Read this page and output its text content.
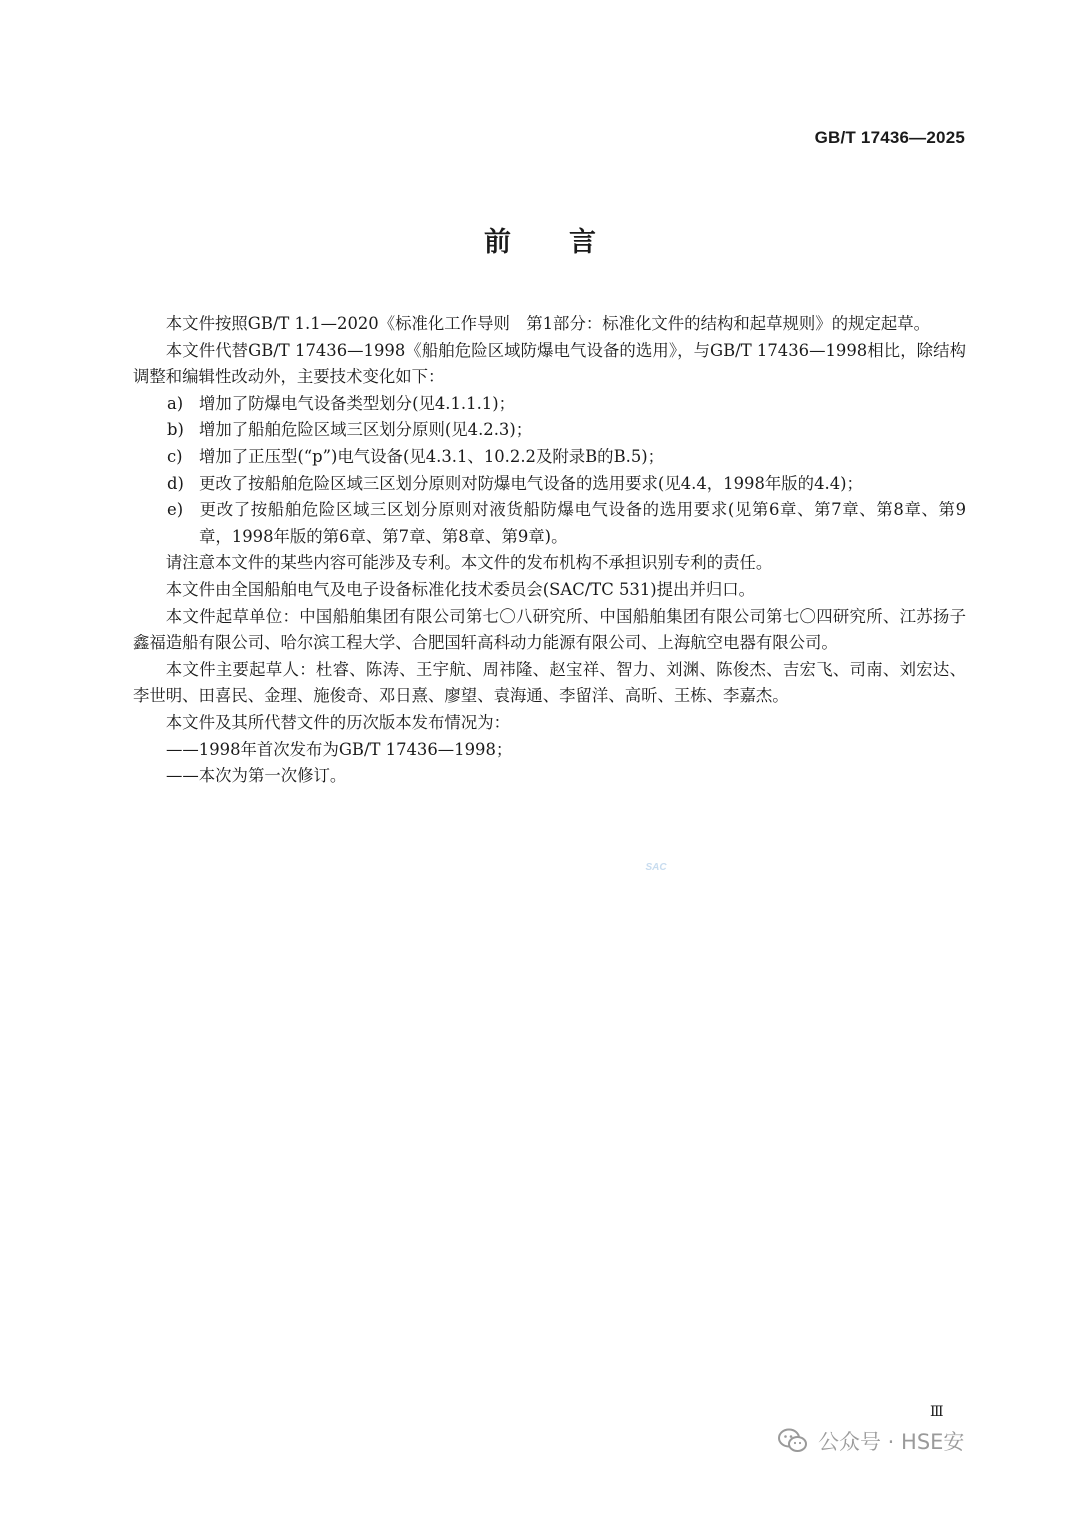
GB/T 17436—2025
前言

本文件按照GB/T 1.1—2020《标准化工作导则　第1部分：标准化文件的结构和起草规则》的规定起草。

本文件代替GB/T 17436—1998《船舶危险区域防爆电气设备的选用》，与GB/T 17436—1998相比，除结构调整和编辑性改动外，主要技术变化如下：

a) 增加了防爆电气设备类型划分(见4.1.1.1)；

b) 增加了船舶危险区域三区划分原则(见4.2.3)；

c) 增加了正压型(“p”)电气设备(见4.3.1、10.2.2及附录B的B.5)；

d) 更改了按船舶危险区域三区划分原则对防爆电气设备的选用要求(见4.4，1998年版的4.4)；

e) 更改了按船舶危险区域三区划分原则对液货船防爆电气设备的选用要求(见第6章、第7章、第8章、第9章，1998年版的第6章、第7章、第8章、第9章)。

请注意本文件的某些内容可能涉及专利。本文件的发布机构不承担识别专利的责任。

本文件由全国船舶电气及电子设备标准化技术委员会(SAC/TC 531)提出并归口。

本文件起草单位：中国船舶集团有限公司第七〇八研究所、中国船舶集团有限公司第七〇四研究所、江苏扬子鑫福造船有限公司、哈尔滨工程大学、合肥国轩高科动力能源有限公司、上海航空电器有限公司。

本文件主要起草人：杜睿、陈涛、王宇航、周祎隆、赵宝祥、智力、刘渊、陈俊杰、吉宏飞、司南、刘宏达、李世明、田喜民、金理、施俊奇、邓日熹、廖望、袁海通、李留洋、高昕、王栋、李嘉杰。

本文件及其所代替文件的历次版本发布情况为：

——1998年首次发布为GB/T 17436—1998；

——本次为第一次修订。

SAC
Ⅲ
公众号 · HSE安
